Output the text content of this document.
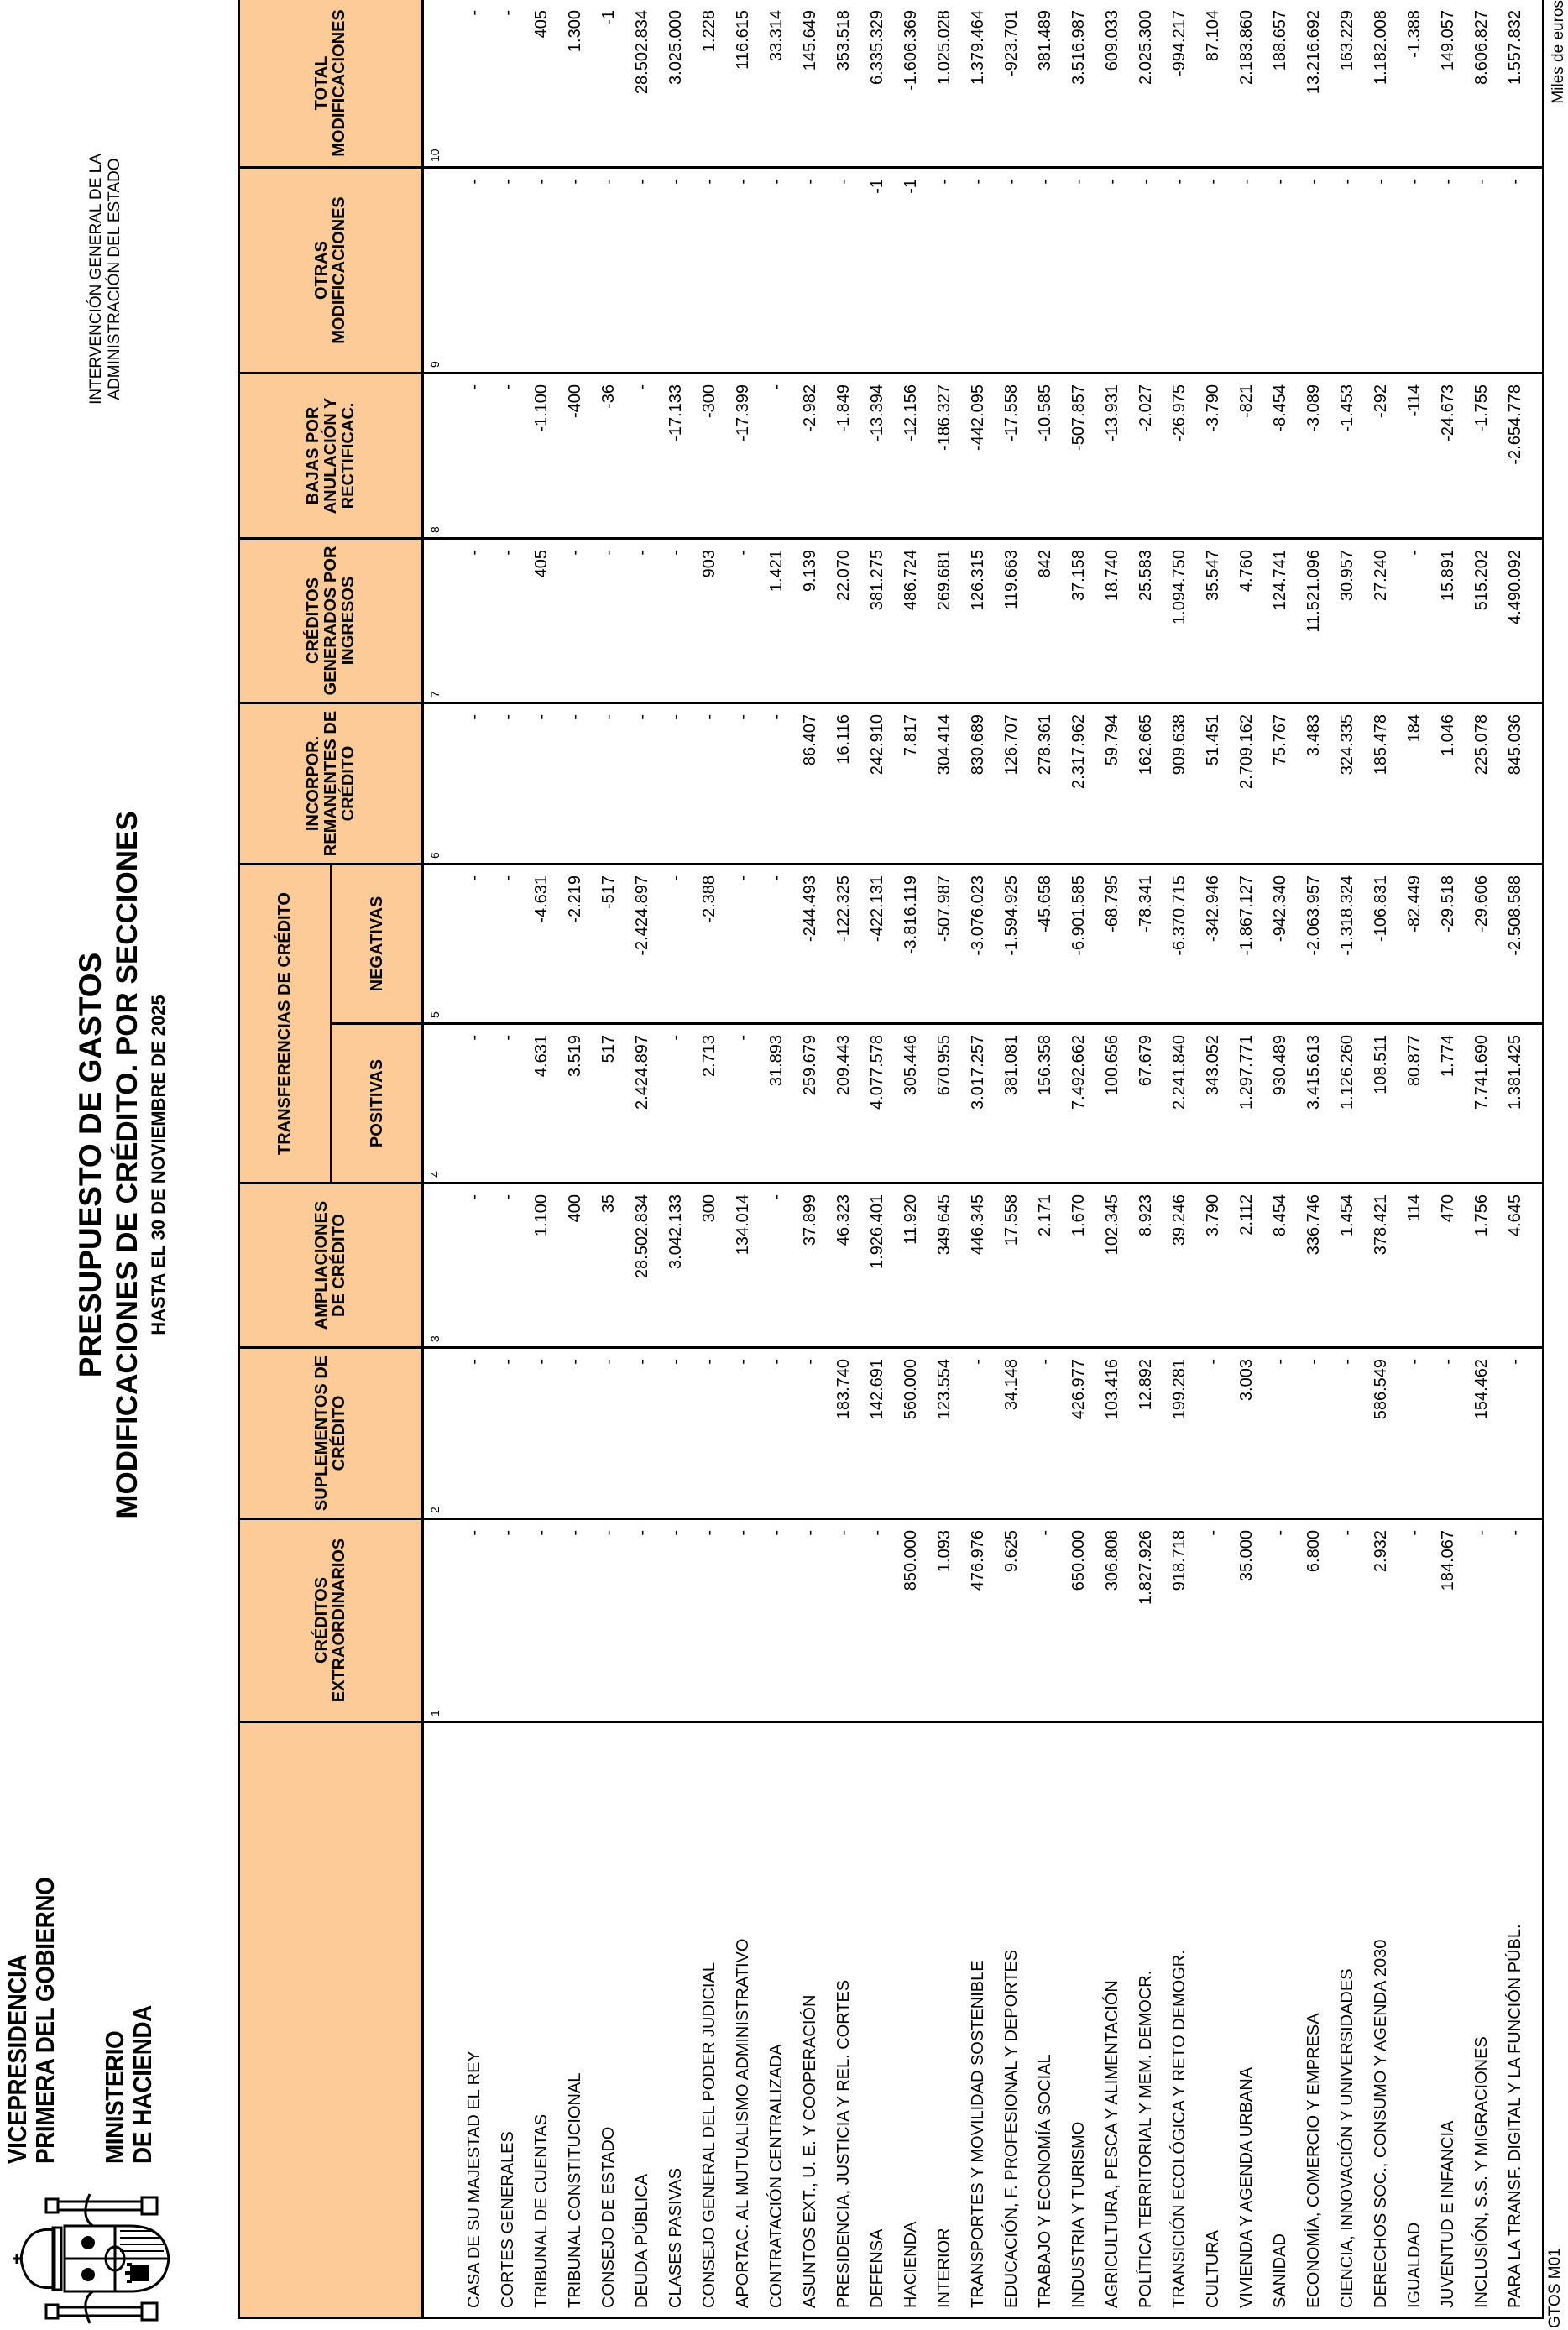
VICEPRESIDENCIA
PRIMERA DEL GOBIERNO MINISTERIO
DE HACIENDA
PRESUPUESTO DE GASTOS MODIFICACIONES DE CRÉDITO. POR SECCIONES HASTA EL 30 DE NOVIEMBRE DE 2025
INTERVENCIÓN GENERAL DE LA ADMINISTRACIÓN DEL ESTADO
Miles de euros
GTOS M01
	CRÉDITOS EXTRAORDINARIOS	SUPLEMENTOS DE CRÉDITO	AMPLIACIONES DE CRÉDITO	TRANSFERENCIAS DE CRÉDITO		INCORPOR. REMANENTES DE CRÉDITO	CRÉDITOS GENERADOS POR INGRESOS	BAJAS POR ANULACIÓN Y RECTIFICAC.	OTRAS MODIFICACIONES	TOTAL MODIFICACIONES
				POSITIVAS	NEGATIVAS					
	1	2	3	4	5	6	7	8	9	10
CASA DE SU MAJESTAD EL REY	-	-	-	-	-	-	-	-	-	-
CORTES GENERALES	-	-	-	-	-	-	-	-	-	-
TRIBUNAL DE CUENTAS	-	-	1.100	4.631	-4.631	-	405	-1.100	-	405
TRIBUNAL CONSTITUCIONAL	-	-	400	3.519	-2.219	-	-	-400	-	1.300
CONSEJO DE ESTADO	-	-	35	517	-517	-	-	-36	-	-1
DEUDA PÚBLICA	-	-	28.502.834	2.424.897	-2.424.897	-	-	-	-	28.502.834
CLASES PASIVAS	-	-	3.042.133	-	-	-	-	-17.133	-	3.025.000
CONSEJO GENERAL DEL PODER JUDICIAL	-	-	300	2.713	-2.388	-	903	-300	-	1.228
APORTAC. AL MUTUALISMO ADMINISTRATIVO	-	-	134.014	-	-	-	-	-17.399	-	116.615
CONTRATACIÓN CENTRALIZADA	-	-	-	31.893	-	-	1.421	-	-	33.314
ASUNTOS EXT., U. E. Y COOPERACIÓN	-	-	37.899	259.679	-244.493	86.407	9.139	-2.982	-	145.649
PRESIDENCIA, JUSTICIA Y REL. CORTES	-	183.740	46.323	209.443	-122.325	16.116	22.070	-1.849	-	353.518
DEFENSA	-	142.691	1.926.401	4.077.578	-422.131	242.910	381.275	-13.394	-1	6.335.329
HACIENDA	850.000	560.000	11.920	305.446	-3.816.119	7.817	486.724	-12.156	-1	-1.606.369
INTERIOR	1.093	123.554	349.645	670.955	-507.987	304.414	269.681	-186.327	-	1.025.028
TRANSPORTES Y MOVILIDAD SOSTENIBLE	476.976	-	446.345	3.017.257	-3.076.023	830.689	126.315	-442.095	-	1.379.464
EDUCACIÓN, F. PROFESIONAL Y DEPORTES	9.625	34.148	17.558	381.081	-1.594.925	126.707	119.663	-17.558	-	-923.701
TRABAJO Y ECONOMÍA SOCIAL	-	-	2.171	156.358	-45.658	278.361	842	-10.585	-	381.489
INDUSTRIA Y TURISMO	650.000	426.977	1.670	7.492.662	-6.901.585	2.317.962	37.158	-507.857	-	3.516.987
AGRICULTURA, PESCA Y ALIMENTACIÓN	306.808	103.416	102.345	100.656	-68.795	59.794	18.740	-13.931	-	609.033
POLÍTICA TERRITORIAL Y MEM. DEMOCR.	1.827.926	12.892	8.923	67.679	-78.341	162.665	25.583	-2.027	-	2.025.300
TRANSICIÓN ECOLÓGICA Y RETO DEMOGR.	918.718	199.281	39.246	2.241.840	-6.370.715	909.638	1.094.750	-26.975	-	-994.217
CULTURA	-	-	3.790	343.052	-342.946	51.451	35.547	-3.790	-	87.104
VIVIENDA Y AGENDA URBANA	35.000	3.003	2.112	1.297.771	-1.867.127	2.709.162	4.760	-821	-	2.183.860
SANIDAD	-	-	8.454	930.489	-942.340	75.767	124.741	-8.454	-	188.657
ECONOMÍA, COMERCIO Y EMPRESA	6.800	-	336.746	3.415.613	-2.063.957	3.483	11.521.096	-3.089	-	13.216.692
CIENCIA, INNOVACIÓN Y UNIVERSIDADES	-	-	1.454	1.126.260	-1.318.324	324.335	30.957	-1.453	-	163.229
DERECHOS SOC., CONSUMO Y AGENDA 2030	2.932	586.549	378.421	108.511	-106.831	185.478	27.240	-292	-	1.182.008
IGUALDAD	-	-	114	80.877	-82.449	184	-	-114	-	-1.388
JUVENTUD E INFANCIA	184.067	-	470	1.774	-29.518	1.046	15.891	-24.673	-	149.057
INCLUSIÓN, S.S. Y MIGRACIONES	-	154.462	1.756	7.741.690	-29.606	225.078	515.202	-1.755	-	8.606.827
PARA LA TRANSF. DIGITAL Y LA FUNCIÓN PÚBL.	-	-	4.645	1.381.425	-2.508.588	845.036	4.490.092	-2.654.778	-	1.557.832
